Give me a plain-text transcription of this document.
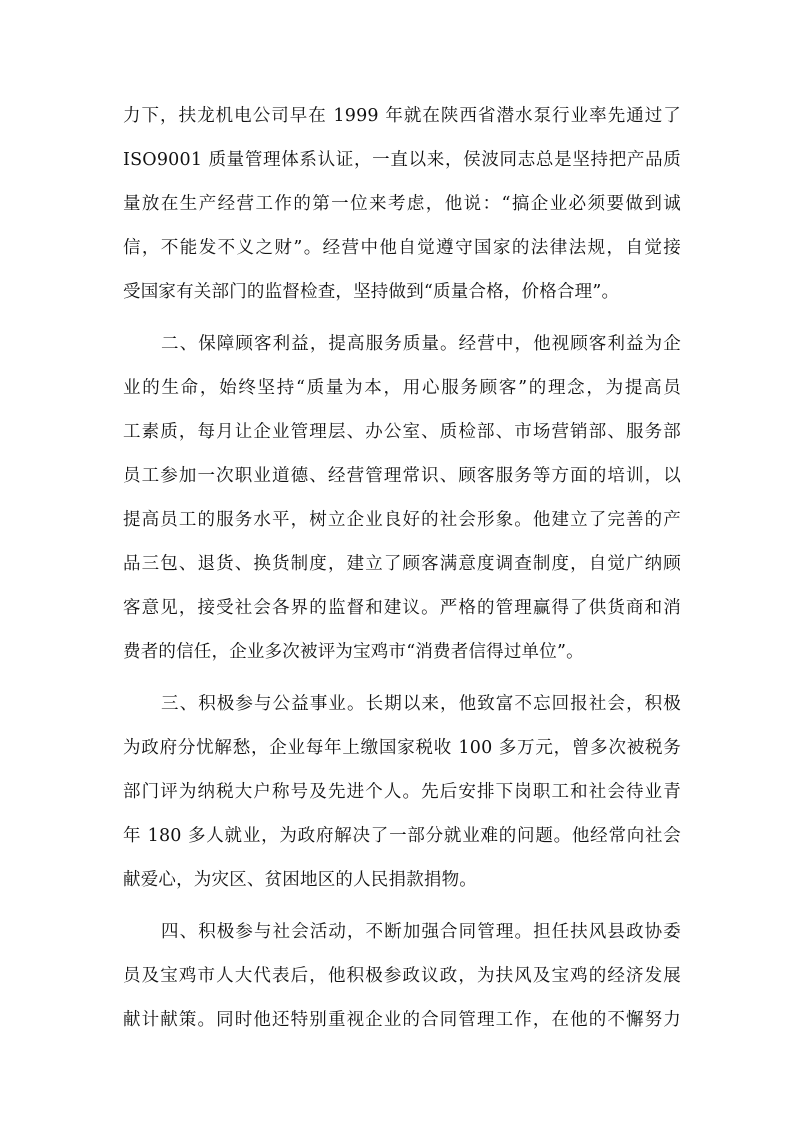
力下，扶龙机电公司早在 1999 年就在陕西省潜水泵行业率先通过了
ISO9001 质量管理体系认证，一直以来，侯波同志总是坚持把产品质
量放在生产经营工作的第一位来考虑，他说：“搞企业必须要做到诚
信，不能发不义之财”。经营中他自觉遵守国家的法律法规，自觉接
受国家有关部门的监督检查，坚持做到“质量合格，价格合理”。
二、保障顾客利益，提高服务质量。经营中，他视顾客利益为企
业的生命，始终坚持“质量为本，用心服务顾客”的理念，为提高员
工素质，每月让企业管理层、办公室、质检部、市场营销部、服务部
员工参加一次职业道德、经营管理常识、顾客服务等方面的培训，以
提高员工的服务水平，树立企业良好的社会形象。他建立了完善的产
品三包、退货、换货制度，建立了顾客满意度调查制度，自觉广纳顾
客意见，接受社会各界的监督和建议。严格的管理赢得了供货商和消
费者的信任，企业多次被评为宝鸡市“消费者信得过单位”。
三、积极参与公益事业。长期以来，他致富不忘回报社会，积极
为政府分忧解愁，企业每年上缴国家税收 100 多万元，曾多次被税务
部门评为纳税大户称号及先进个人。先后安排下岗职工和社会待业青
年 180 多人就业，为政府解决了一部分就业难的问题。他经常向社会
献爱心，为灾区、贫困地区的人民捐款捐物。
四、积极参与社会活动，不断加强合同管理。担任扶风县政协委
员及宝鸡市人大代表后，他积极参政议政，为扶风及宝鸡的经济发展
献计献策。同时他还特别重视企业的合同管理工作，在他的不懈努力
